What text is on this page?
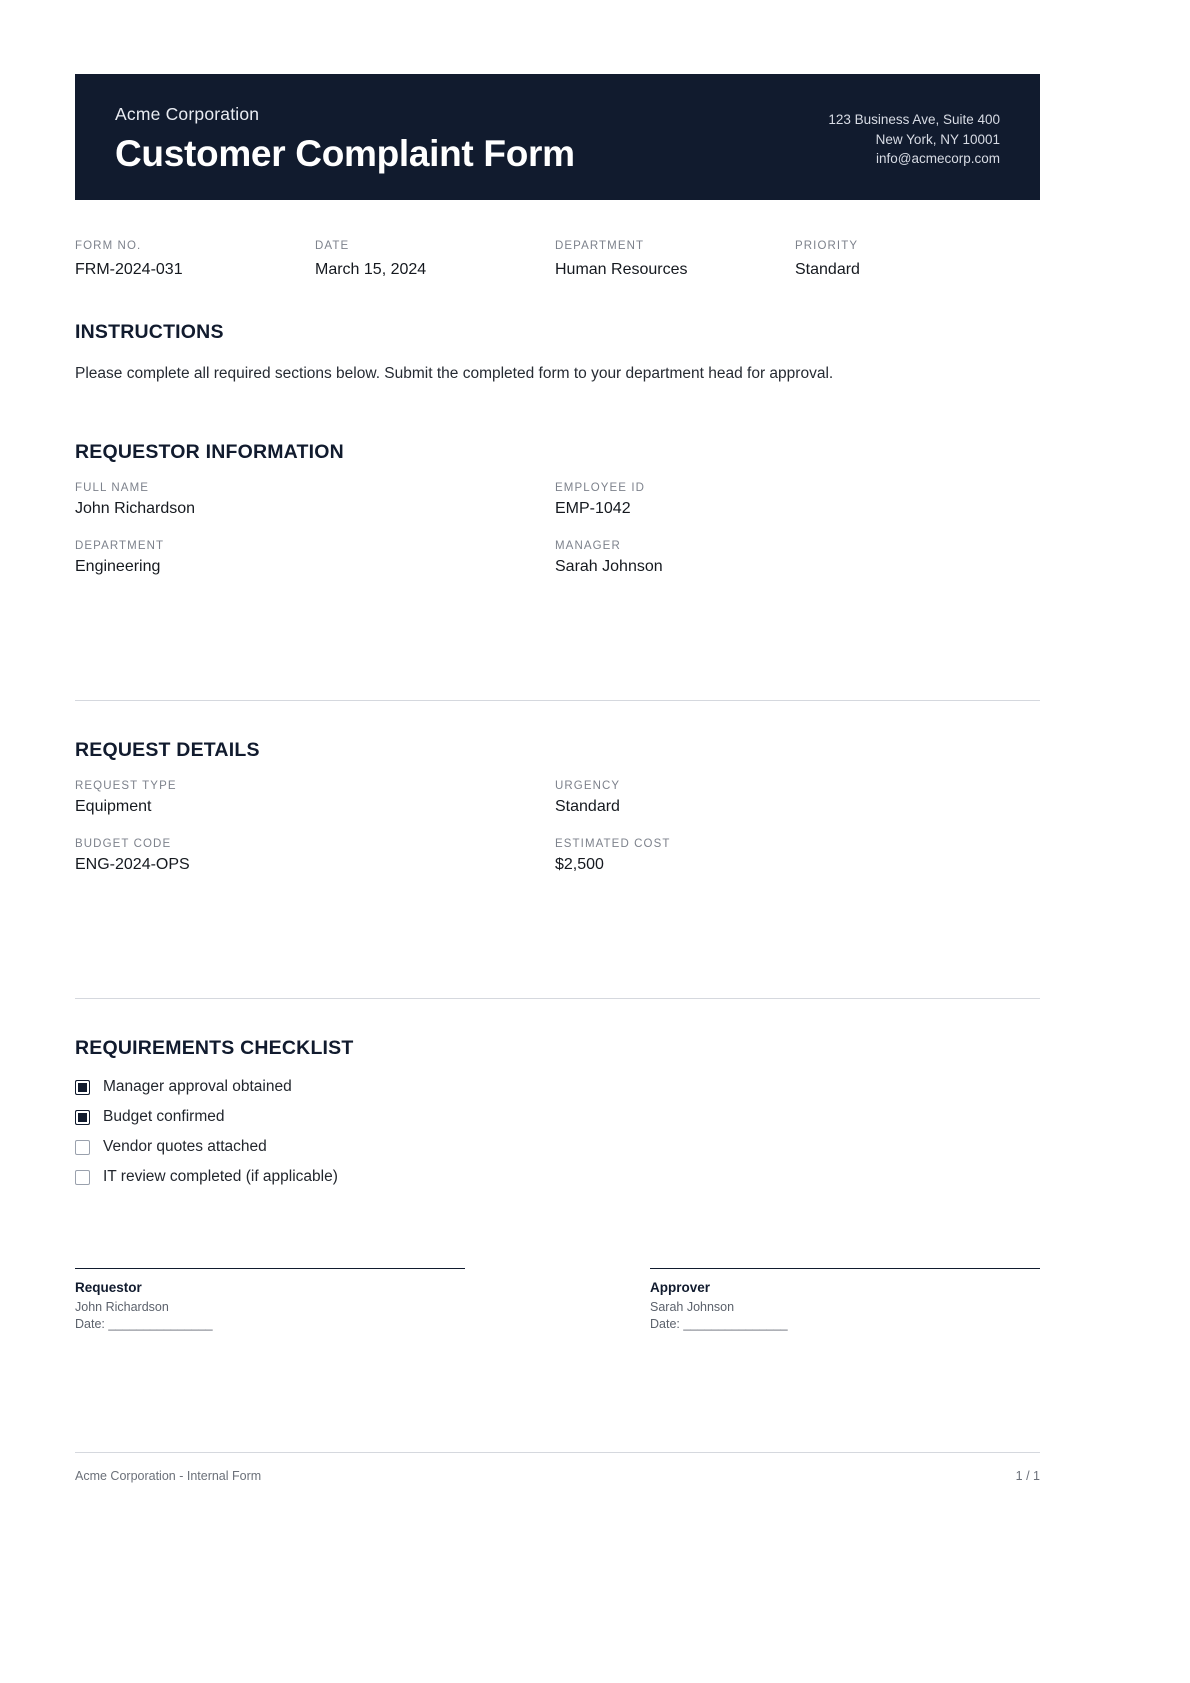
Acme Corporation
Customer Complaint Form
123 Business Ave, Suite 400
New York, NY 10001
info@acmecorp.com
FORM NO.
FRM-2024-031
DATE
March 15, 2024
DEPARTMENT
Human Resources
PRIORITY
Standard
INSTRUCTIONS
Please complete all required sections below. Submit the completed form to your department head for approval.
REQUESTOR INFORMATION
FULL NAME
John Richardson
EMPLOYEE ID
EMP-1042
DEPARTMENT
Engineering
MANAGER
Sarah Johnson
REQUEST DETAILS
REQUEST TYPE
Equipment
URGENCY
Standard
BUDGET CODE
ENG-2024-OPS
ESTIMATED COST
$2,500
REQUIREMENTS CHECKLIST
Manager approval obtained
Budget confirmed
Vendor quotes attached
IT review completed (if applicable)
Requestor
John Richardson
Date: _______________
Approver
Sarah Johnson
Date: _______________
Acme Corporation - Internal Form	1 / 1
